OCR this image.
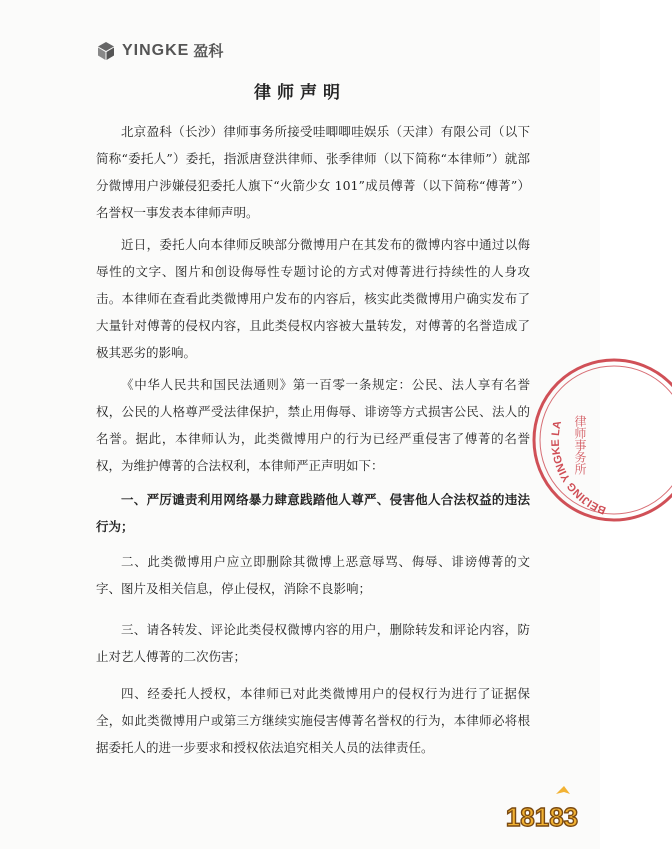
YINGKE 盈科
律师声明
北京盈科（长沙）律师事务所接受哇唧唧哇娱乐（天津）有限公司（以下简称“委托人”）委托，指派唐登洪律师、张季律师（以下简称“本律师”）就部分微博用户涉嫌侵犯委托人旗下“火箭少女 101”成员傅菁（以下简称“傅菁”）名誉权一事发表本律师声明。
近日，委托人向本律师反映部分微博用户在其发布的微博内容中通过以侮辱性的文字、图片和创设侮辱性专题讨论的方式对傅菁进行持续性的人身攻击。本律师在查看此类微博用户发布的内容后，核实此类微博用户确实发布了大量针对傅菁的侵权内容，且此类侵权内容被大量转发，对傅菁的名誉造成了极其恶劣的影响。
《中华人民共和国民法通则》第一百零一条规定：公民、法人享有名誉权，公民的人格尊严受法律保护，禁止用侮辱、诽谤等方式损害公民、法人的名誉。据此，本律师认为，此类微博用户的行为已经严重侵害了傅菁的名誉权，为维护傅菁的合法权利，本律师严正声明如下：
一、严厉谴责利用网络暴力肆意践踏他人尊严、侵害他人合法权益的违法行为；
二、此类微博用户应立即删除其微博上恶意辱骂、侮辱、诽谤傅菁的文字、图片及相关信息，停止侵权，消除不良影响；
三、请各转发、评论此类侵权微博内容的用户，删除转发和评论内容，防止对艺人傅菁的二次伤害；
四、经委托人授权，本律师已对此类微博用户的侵权行为进行了证据保全，如此类微博用户或第三方继续实施侵害傅菁名誉权的行为，本律师必将根据委托人的进一步要求和授权依法追究相关人员的法律责任。
BEIJING YINGKE LA 律师事务所
18183
